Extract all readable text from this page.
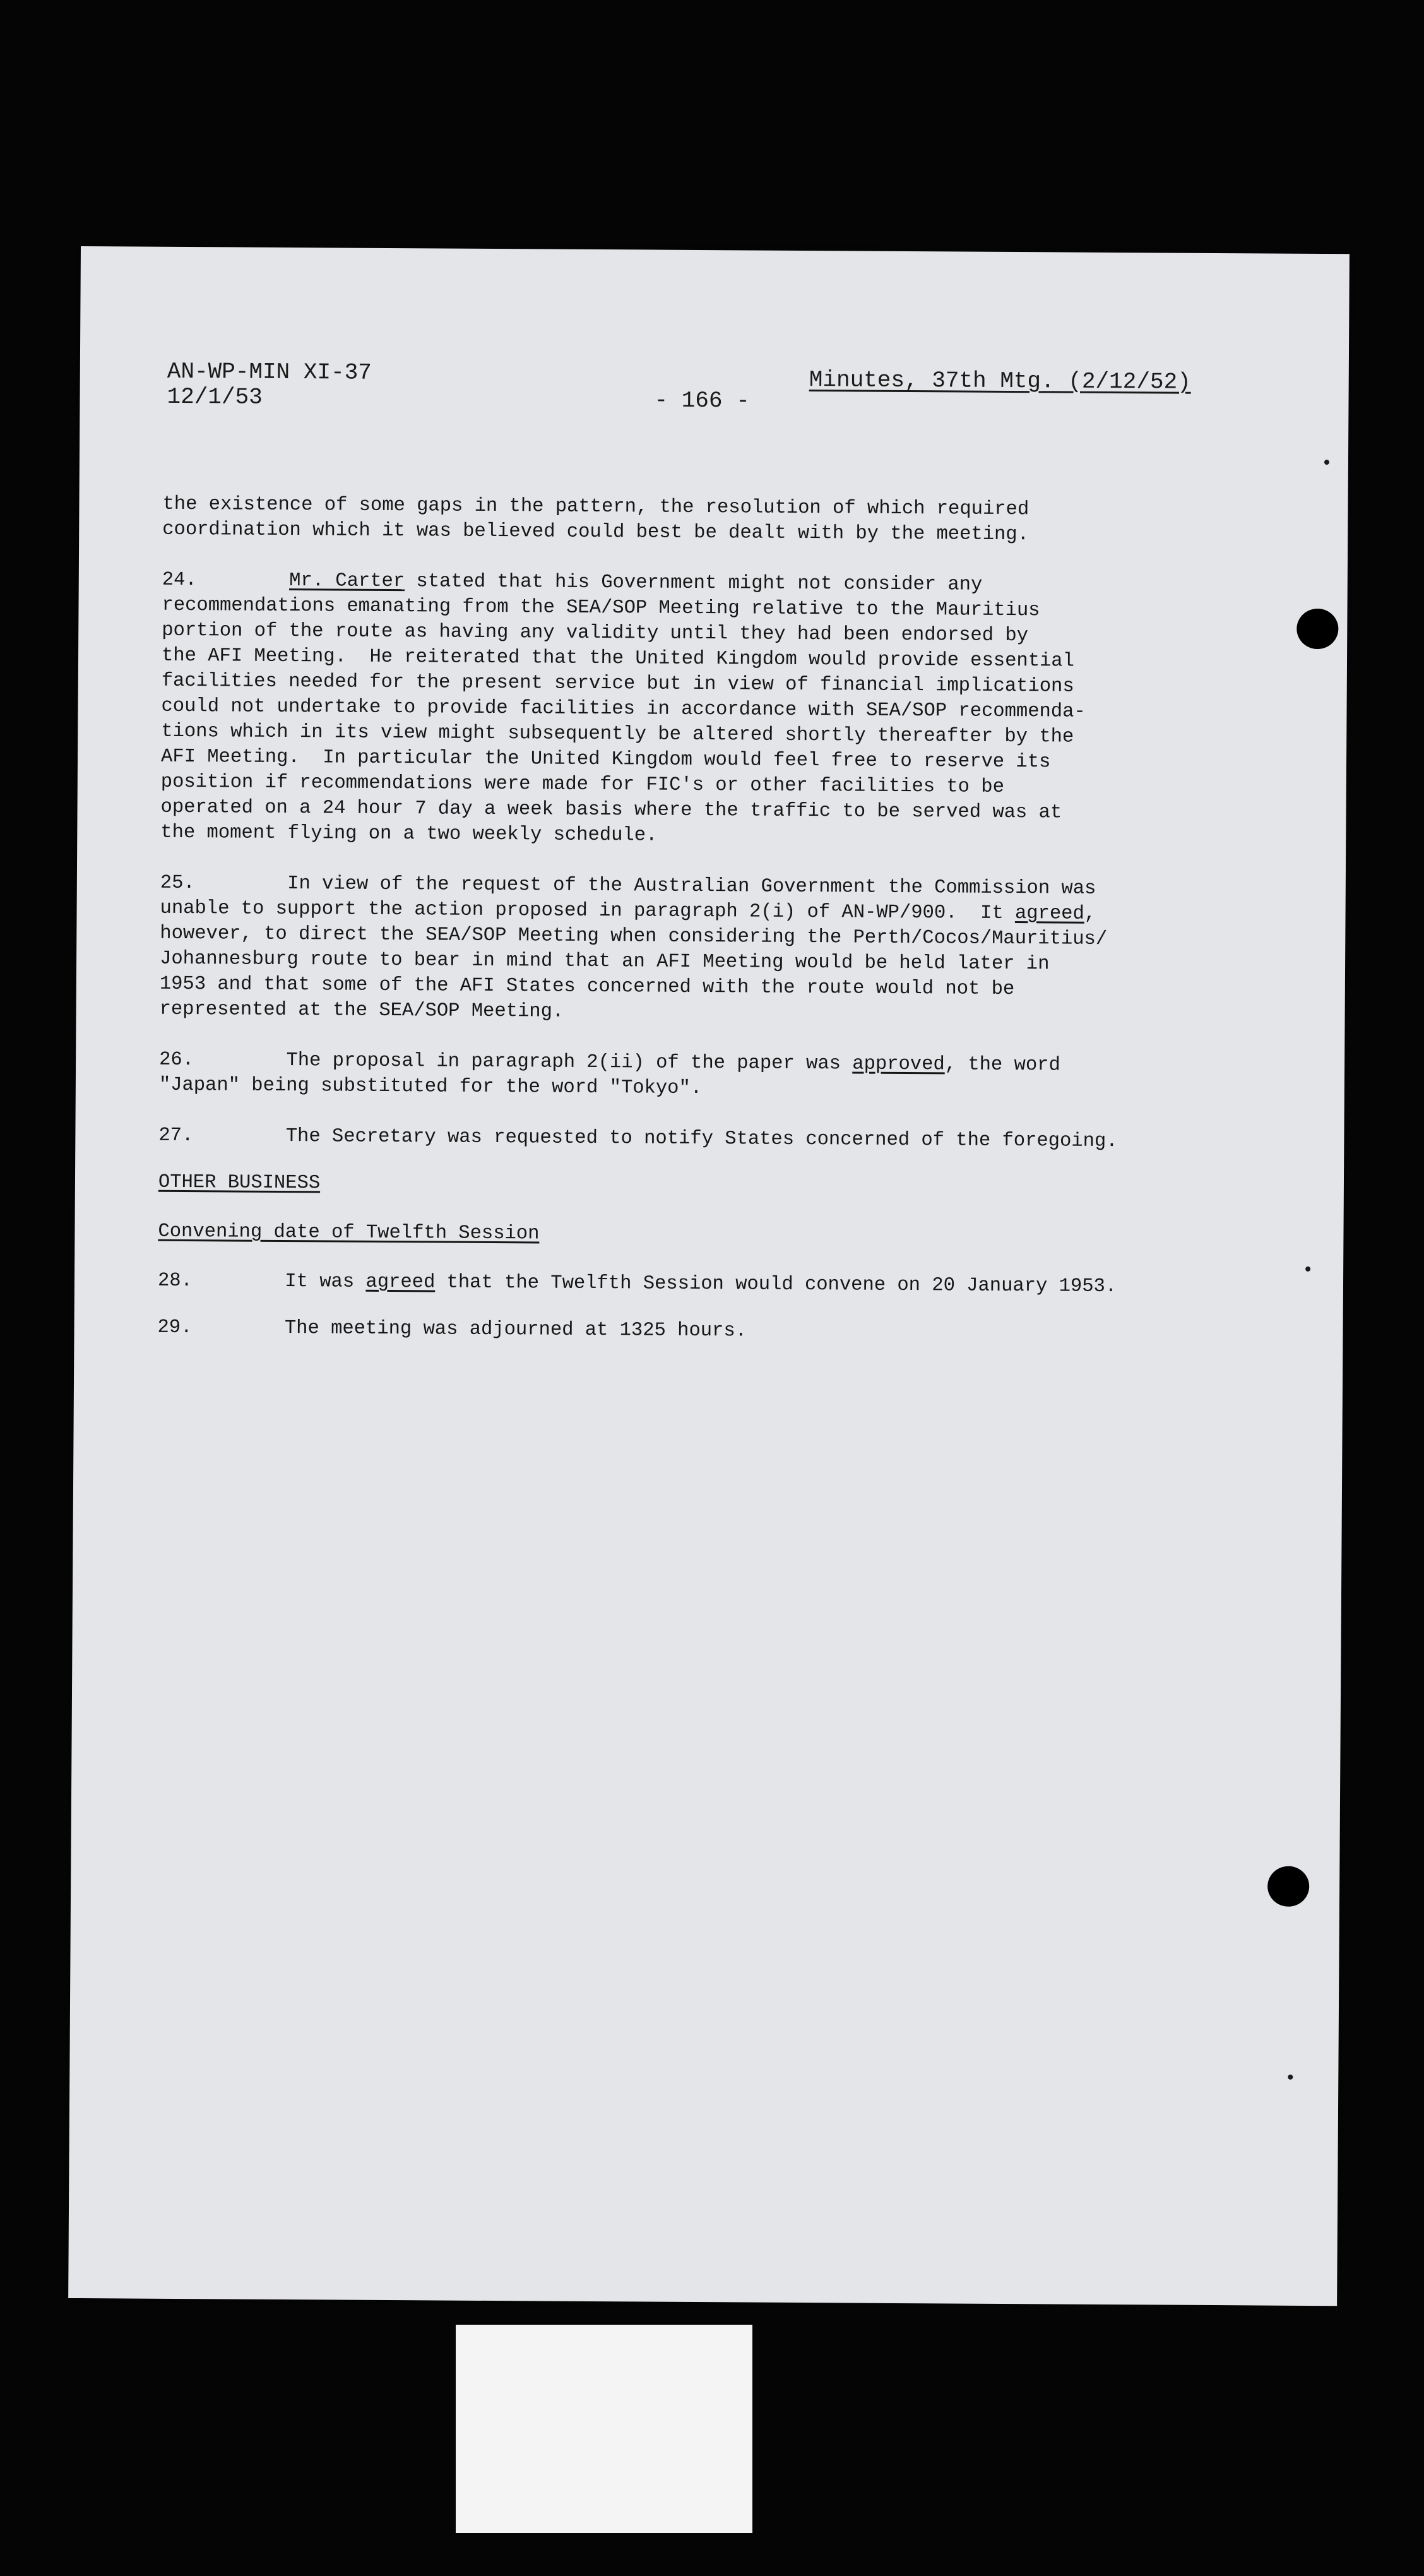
AN-WP-MIN XI-37
12/1/53	- 166 -
Minutes, 37th Mtg. (2/12/52)
the existence of some gaps in the pattern, the resolution of which required
coordination which it was believed could best be dealt with by the meeting.
24.	Mr. Carter stated that his Government might not consider any
recommendations emanating from the SEA/SOP Meeting relative to the Mauritius
portion of the route as having any validity until they had been endorsed by
the AFI Meeting.  He reiterated that the United Kingdom would provide essential
facilities needed for the present service but in view of financial implications
could not undertake to provide facilities in accordance with SEA/SOP recommenda-
tions which in its view might subsequently be altered shortly thereafter by the
AFI Meeting.  In particular the United Kingdom would feel free to reserve its
position if recommendations were made for FIC's or other facilities to be
operated on a 24 hour 7 day a week basis where the traffic to be served was at
the moment flying on a two weekly schedule.
25.	In view of the request of the Australian Government the Commission was
unable to support the action proposed in paragraph 2(i) of AN-WP/900.  It agreed,
however, to direct the SEA/SOP Meeting when considering the Perth/Cocos/Mauritius/
Johannesburg route to bear in mind that an AFI Meeting would be held later in
1953 and that some of the AFI States concerned with the route would not be
represented at the SEA/SOP Meeting.
26.	The proposal in paragraph 2(ii) of the paper was approved, the word
"Japan" being substituted for the word "Tokyo".
27.	The Secretary was requested to notify States concerned of the foregoing.
OTHER BUSINESS
Convening date of Twelfth Session
28.	It was agreed that the Twelfth Session would convene on 20 January 1953.
29.	The meeting was adjourned at 1325 hours.
